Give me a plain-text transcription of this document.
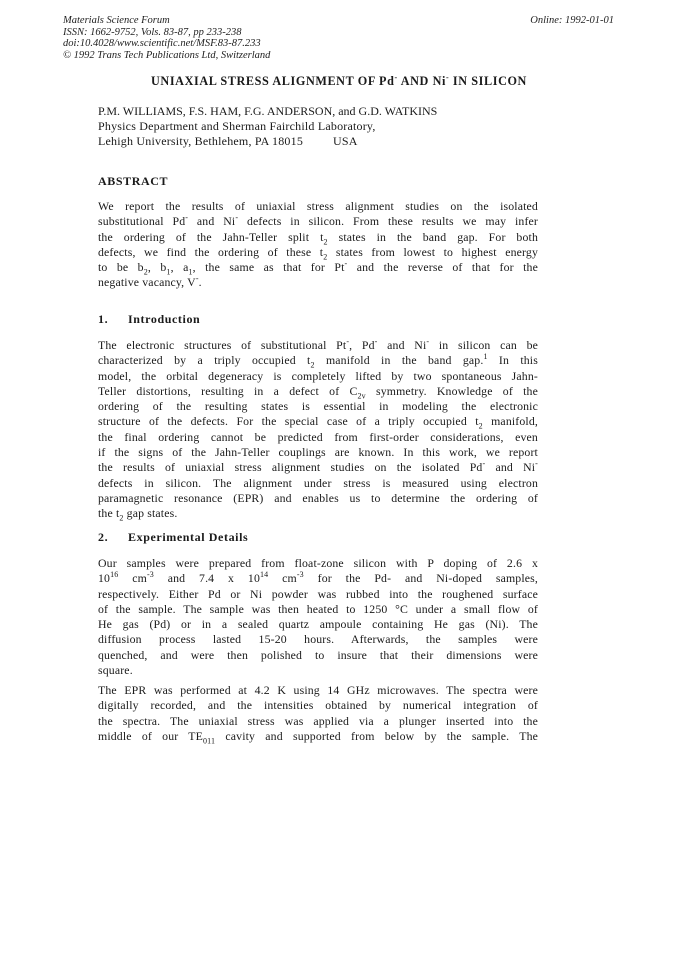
Materials Science Forum
ISSN: 1662-9752, Vols. 83-87, pp 233-238
doi:10.4028/www.scientific.net/MSF.83-87.233
© 1992 Trans Tech Publications Ltd, Switzerland
Online: 1992-01-01
UNIAXIAL STRESS ALIGNMENT OF Pd- AND Ni- IN SILICON
P.M. WILLIAMS, F.S. HAM, F.G. ANDERSON, and G.D. WATKINS
Physics Department and Sherman Fairchild Laboratory,
Lehigh University, Bethlehem, PA 18015	USA
ABSTRACT
We report the results of uniaxial stress alignment studies on the isolated
substitutional Pd- and Ni- defects in silicon. From these results we may infer
the ordering of the Jahn-Teller split $t_2$ states in the band gap. For both
defects, we find the ordering of these $t_2$ states from lowest to highest energy
to be $b_2$, $b_1$, $a_1$, the same as that for Pt- and the reverse of that for the
negative vacancy, V-.
1. Introduction
The electronic structures of substitutional Pt-, Pd- and Ni- in silicon can be
characterized by a triply occupied $t_2$ manifold in the band gap.$^1$ In this
model, the orbital degeneracy is completely lifted by two spontaneous Jahn-
Teller distortions, resulting in a defect of $C_{2v}$ symmetry. Knowledge of the
ordering of the resulting states is essential in modeling the electronic
structure of the defects. For the special case of a triply occupied $t_2$ manifold,
the final ordering cannot be predicted from first-order considerations, even
if the signs of the Jahn-Teller couplings are known. In this work, we report
the results of uniaxial stress alignment studies on the isolated Pd- and Ni-
defects in silicon. The alignment under stress is measured using electron
paramagnetic resonance (EPR) and enables us to determine the ordering of
the $t_2$ gap states.
2. Experimental Details
Our samples were prepared from float-zone silicon with P doping of 2.6 x
$10^{16}$ $cm^{-3}$ and 7.4 x $10^{14}$ $cm^{-3}$ for the Pd- and Ni-doped samples,
respectively. Either Pd or Ni powder was rubbed into the roughened surface
of the sample. The sample was then heated to 1250 °C under a small flow of
He gas (Pd) or in a sealed quartz ampoule containing He gas (Ni). The
diffusion process lasted 15-20 hours. Afterwards, the samples were
quenched, and were then polished to insure that their dimensions were
square.
The EPR was performed at 4.2 K using 14 GHz microwaves. The spectra were
digitally recorded, and the intensities obtained by numerical integration of
the spectra. The uniaxial stress was applied via a plunger inserted into the
middle of our $TE_{011}$ cavity and supported from below by the sample. The
